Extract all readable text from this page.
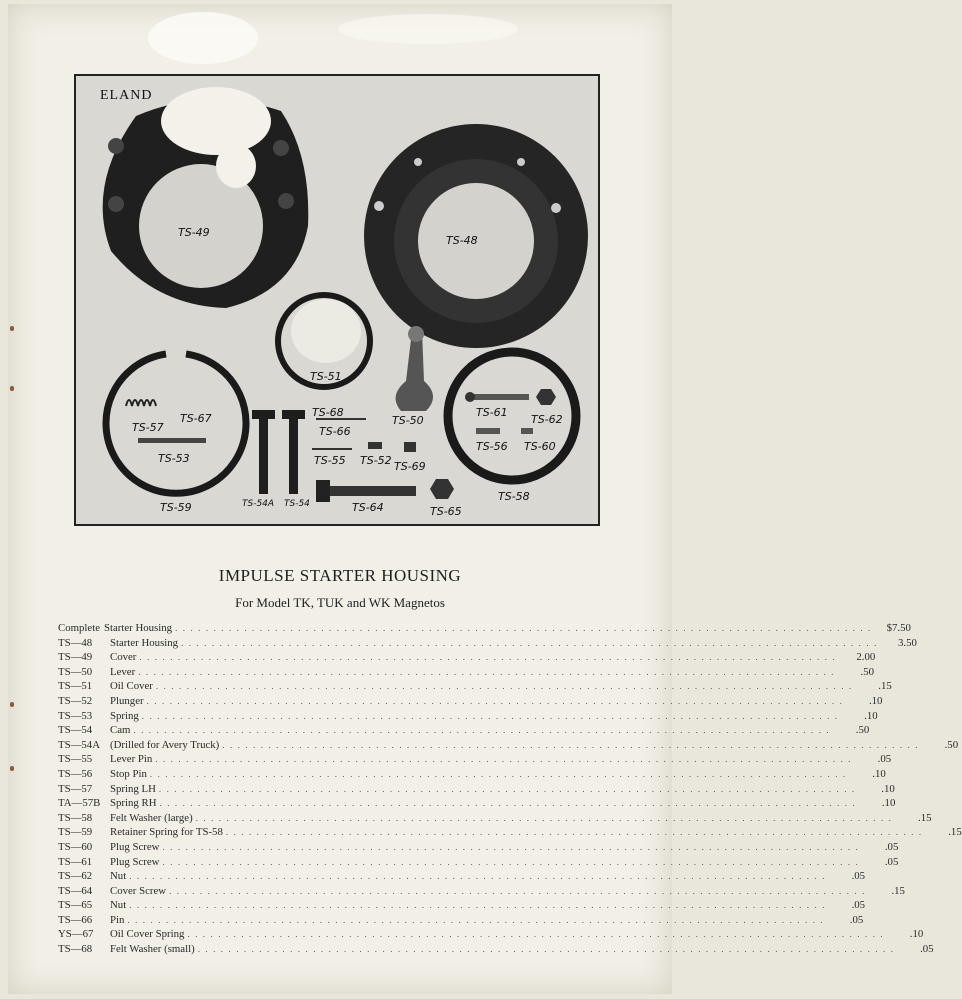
ELAND
TS-49
TS-48
TS-51
TS-68
TS-66
TS-50
TS-57
TS-67
TS-53
TS-59	TS-54A TS-54
TS-55 TS-52 TS-69
TS-64	TS-65
TS-61
TS-62
TS-56 TS-60
TS-58
IMPULSE STARTER HOUSING
For Model TK, TUK and WK Magnetos
Complete Starter Housing . . . . . . . . . . . . . . . . . . . . . . . . . . . . . . . . . . . . . . . . . . . . . . . . . . . . . . . . . . . . . . . . . . . . . . . . . . . . . . . . . . . . . . . . . . .	$7.50
TS—48	Starter Housing . . . . . . . . . . . . . . . . . . . . . . . . . . . . . . . . . . . . . . . . . . . . . . . . . . . . . . . . . . . . . . . . . . . . . . . . . . . . . . . . . . . . . . . . . . .	3.50
TS—49	Cover . . . . . . . . . . . . . . . . . . . . . . . . . . . . . . . . . . . . . . . . . . . . . . . . . . . . . . . . . . . . . . . . . . . . . . . . . . . . . . . . . . . . . . . . . . .	2.00
TS—50	Lever . . . . . . . . . . . . . . . . . . . . . . . . . . . . . . . . . . . . . . . . . . . . . . . . . . . . . . . . . . . . . . . . . . . . . . . . . . . . . . . . . . . . . . . . . . .	.50
TS—51	Oil Cover . . . . . . . . . . . . . . . . . . . . . . . . . . . . . . . . . . . . . . . . . . . . . . . . . . . . . . . . . . . . . . . . . . . . . . . . . . . . . . . . . . . . . . . . . . .	.15
TS—52	Plunger . . . . . . . . . . . . . . . . . . . . . . . . . . . . . . . . . . . . . . . . . . . . . . . . . . . . . . . . . . . . . . . . . . . . . . . . . . . . . . . . . . . . . . . . . . .	.10
TS—53	Spring . . . . . . . . . . . . . . . . . . . . . . . . . . . . . . . . . . . . . . . . . . . . . . . . . . . . . . . . . . . . . . . . . . . . . . . . . . . . . . . . . . . . . . . . . . .	.10
TS—54	Cam . . . . . . . . . . . . . . . . . . . . . . . . . . . . . . . . . . . . . . . . . . . . . . . . . . . . . . . . . . . . . . . . . . . . . . . . . . . . . . . . . . . . . . . . . . .	.50
TS—54A (Drilled for Avery Truck) . . . . . . . . . . . . . . . . . . . . . . . . . . . . . . . . . . . . . . . . . . . . . . . . . . . . . . . . . . . . . . . . . . . . . . . . . . . . . . . . . . . . . . . . . . .	.50
TS—55	Lever Pin . . . . . . . . . . . . . . . . . . . . . . . . . . . . . . . . . . . . . . . . . . . . . . . . . . . . . . . . . . . . . . . . . . . . . . . . . . . . . . . . . . . . . . . . . . .	.05
TS—56	Stop Pin . . . . . . . . . . . . . . . . . . . . . . . . . . . . . . . . . . . . . . . . . . . . . . . . . . . . . . . . . . . . . . . . . . . . . . . . . . . . . . . . . . . . . . . . . . .	.10
TS—57	Spring LH . . . . . . . . . . . . . . . . . . . . . . . . . . . . . . . . . . . . . . . . . . . . . . . . . . . . . . . . . . . . . . . . . . . . . . . . . . . . . . . . . . . . . . . . . . .	.10
TA—57B Spring RH . . . . . . . . . . . . . . . . . . . . . . . . . . . . . . . . . . . . . . . . . . . . . . . . . . . . . . . . . . . . . . . . . . . . . . . . . . . . . . . . . . . . . . . . . . .	.10
TS—58	Felt Washer (large) . . . . . . . . . . . . . . . . . . . . . . . . . . . . . . . . . . . . . . . . . . . . . . . . . . . . . . . . . . . . . . . . . . . . . . . . . . . . . . . . . . . . . . . . . . .	.15
TS—59	Retainer Spring for TS-58 . . . . . . . . . . . . . . . . . . . . . . . . . . . . . . . . . . . . . . . . . . . . . . . . . . . . . . . . . . . . . . . . . . . . . . . . . . . . . . . . . . . . . . . . . . .	.15
TS—60	Plug Screw . . . . . . . . . . . . . . . . . . . . . . . . . . . . . . . . . . . . . . . . . . . . . . . . . . . . . . . . . . . . . . . . . . . . . . . . . . . . . . . . . . . . . . . . . . .	.05
TS—61	Plug Screw . . . . . . . . . . . . . . . . . . . . . . . . . . . . . . . . . . . . . . . . . . . . . . . . . . . . . . . . . . . . . . . . . . . . . . . . . . . . . . . . . . . . . . . . . . .	.05
TS—62	Nut . . . . . . . . . . . . . . . . . . . . . . . . . . . . . . . . . . . . . . . . . . . . . . . . . . . . . . . . . . . . . . . . . . . . . . . . . . . . . . . . . . . . . . . . . . .	.05
TS—64	Cover Screw . . . . . . . . . . . . . . . . . . . . . . . . . . . . . . . . . . . . . . . . . . . . . . . . . . . . . . . . . . . . . . . . . . . . . . . . . . . . . . . . . . . . . . . . . . .	.15
TS—65	Nut . . . . . . . . . . . . . . . . . . . . . . . . . . . . . . . . . . . . . . . . . . . . . . . . . . . . . . . . . . . . . . . . . . . . . . . . . . . . . . . . . . . . . . . . . . .	.05
TS—66	Pin . . . . . . . . . . . . . . . . . . . . . . . . . . . . . . . . . . . . . . . . . . . . . . . . . . . . . . . . . . . . . . . . . . . . . . . . . . . . . . . . . . . . . . . . . . .	.05
YS—67	Oil Cover Spring . . . . . . . . . . . . . . . . . . . . . . . . . . . . . . . . . . . . . . . . . . . . . . . . . . . . . . . . . . . . . . . . . . . . . . . . . . . . . . . . . . . . . . . . . . .	.10
TS—68	Felt Washer (small) . . . . . . . . . . . . . . . . . . . . . . . . . . . . . . . . . . . . . . . . . . . . . . . . . . . . . . . . . . . . . . . . . . . . . . . . . . . . . . . . . . . . . . . . . . .	.05
